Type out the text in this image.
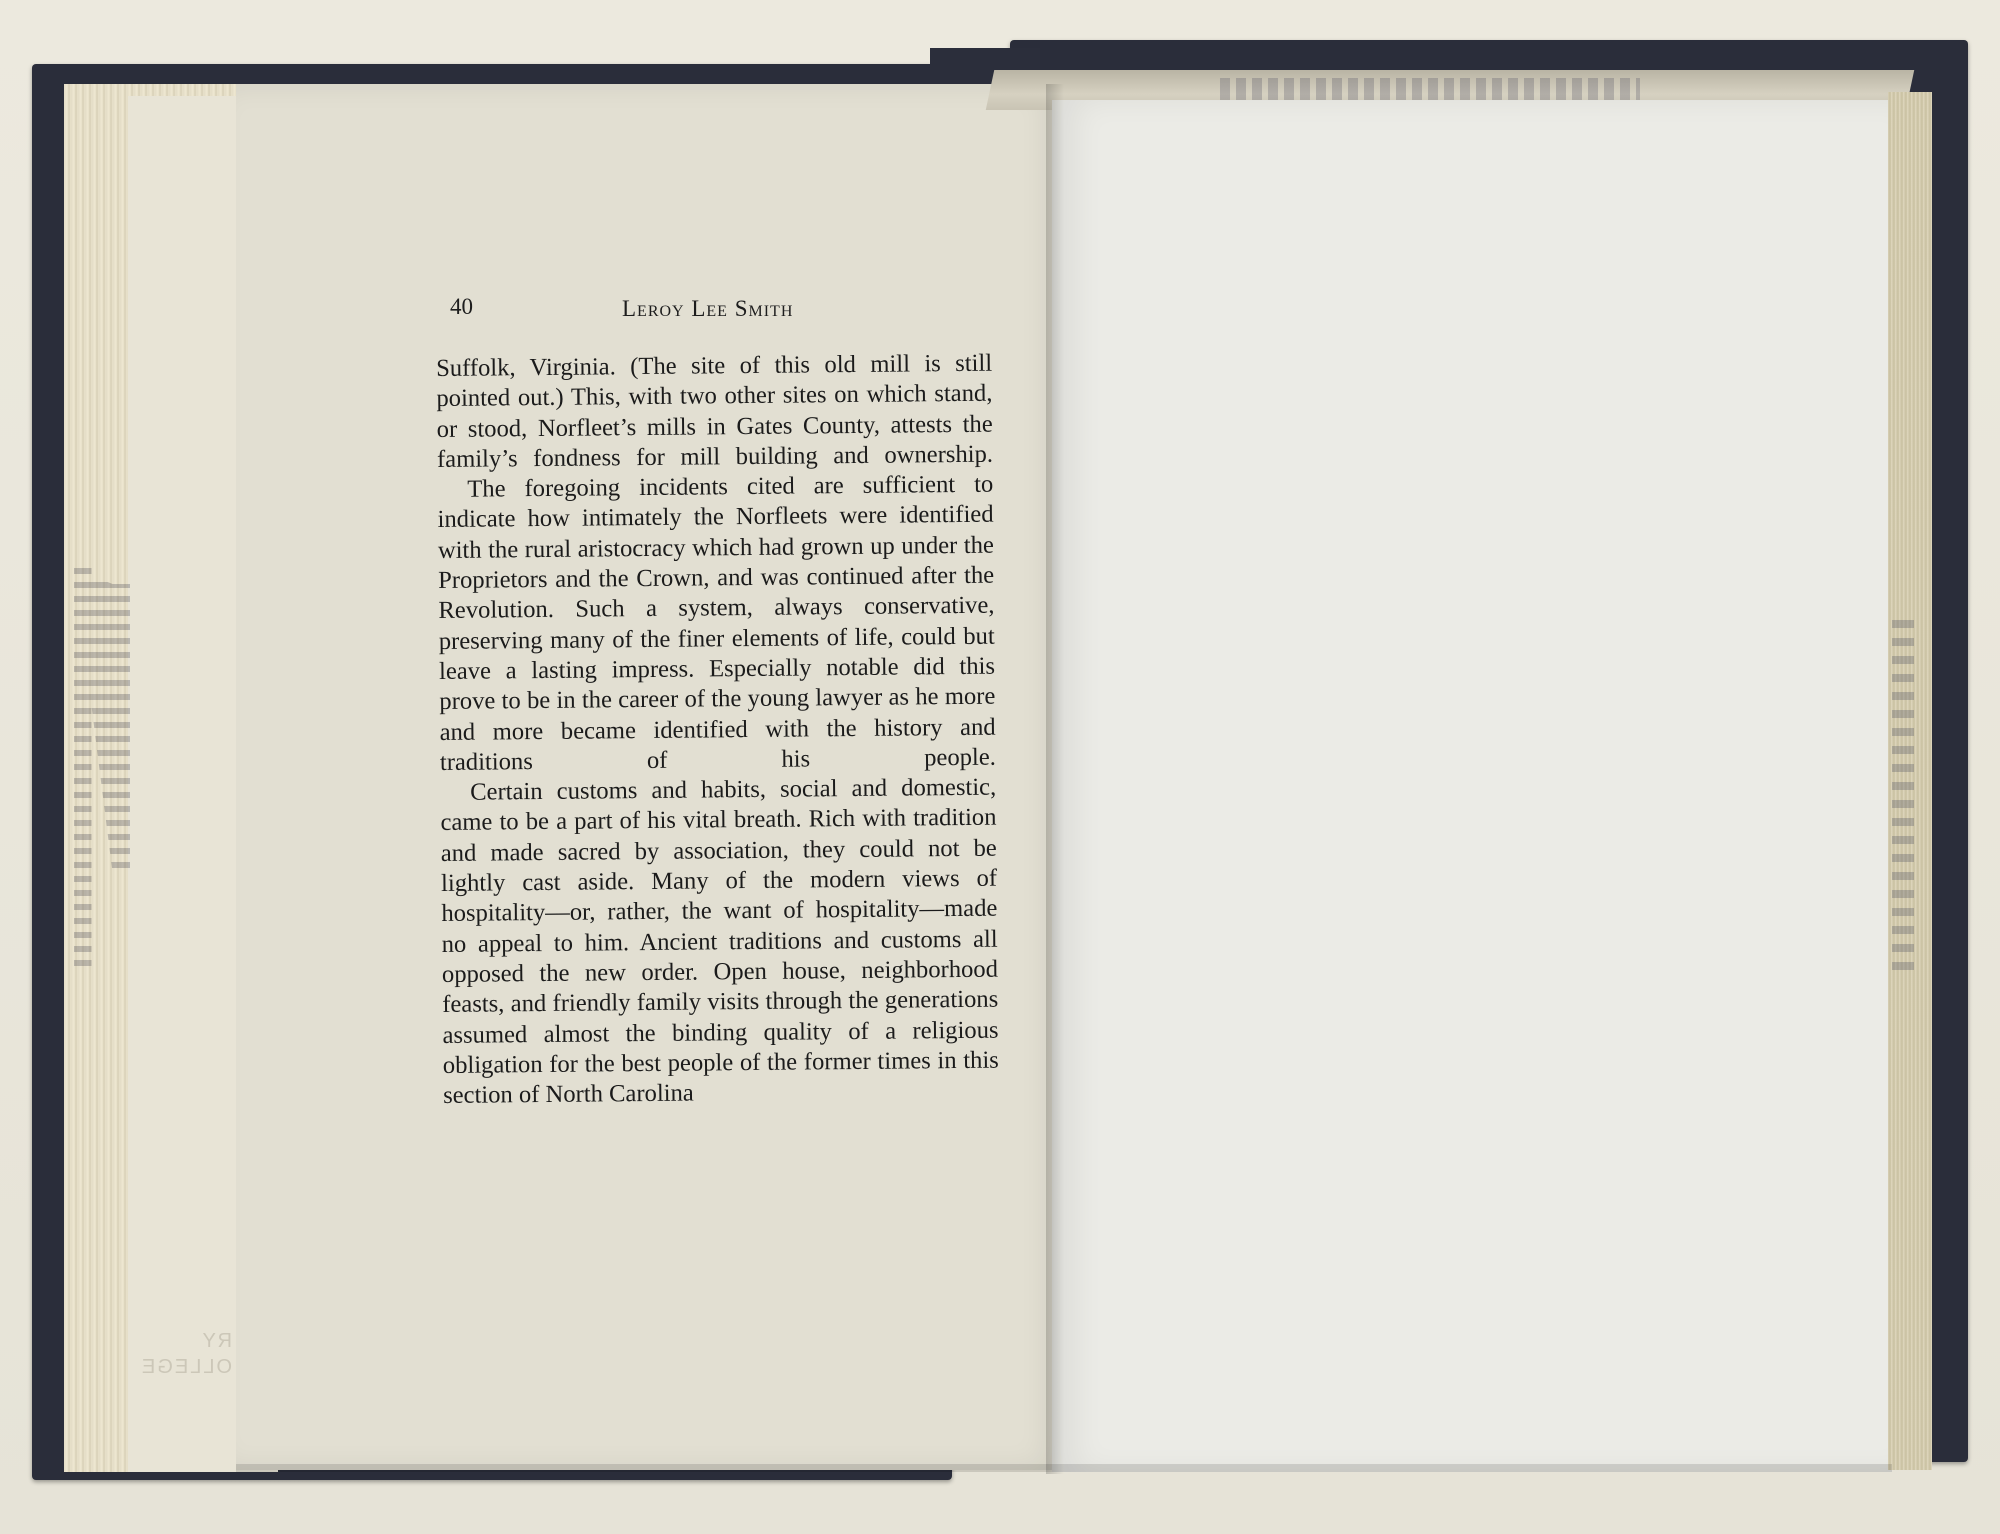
RY
OLLEGE
40	Leroy Lee Smith

Suffolk, Virginia. (The site of this old mill is still pointed out.) This, with two other sites on which stand, or stood, Norfleet’s mills in Gates County, attests the family’s fondness for mill building and ownership.

The foregoing incidents cited are sufficient to indicate how intimately the Norfleets were identified with the rural aristocracy which had grown up under the Proprietors and the Crown, and was continued after the Revolution. Such a system, always conservative, preserving many of the finer elements of life, could but leave a lasting impress. Especially notable did this prove to be in the career of the young lawyer as he more and more became identified with the history and traditions of his people.

Certain customs and habits, social and domestic, came to be a part of his vital breath. Rich with tradition and made sacred by association, they could not be lightly cast aside. Many of the modern views of hospitality—or, rather, the want of hospitality—made no appeal to him. Ancient traditions and customs all opposed the new order. Open house, neighborhood feasts, and friendly family visits through the generations assumed almost the binding quality of a religious obligation for the best people of the former times in this section of North Carolina
